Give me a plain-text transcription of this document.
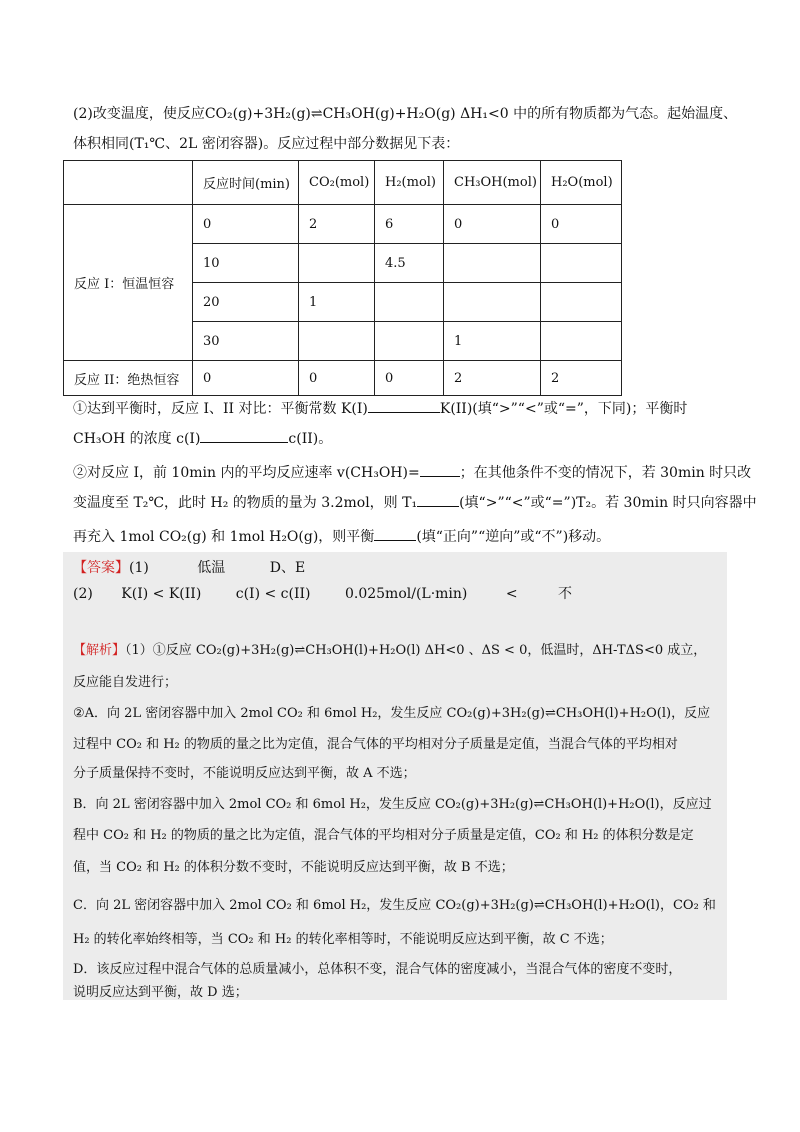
(2)改变温度，使反应CO₂(g)+3H₂(g)⇌CH₃OH(g)+H₂O(g) ΔH₁<0 中的所有物质都为气态。起始温度、
体积相同(T₁℃、2L 密闭容器)。反应过程中部分数据见下表：
	反应时间(min)	CO₂(mol)	H₂(mol)	CH₃OH(mol)	H₂O(mol)
反应 I：恒温恒容	0	2	6	0	0
	10		4.5		
	20	1			
	30			1	
反应 II：绝热恒容	0	0	0	2	2
①达到平衡时，反应 I、II 对比：平衡常数 K(I)	K(II)(填“>”“<”或“=”，下同)；平衡时
CH₃OH 的浓度 c(I)	c(II)。
②对反应 I，前 10min 内的平均反应速率 v(CH₃OH)=	；在其他条件不变的情况下，若 30min 时只改
变温度至 T₂℃，此时 H₂ 的物质的量为 3.2mol，则 T₁	(填“>”“<”或“=”)T₂。若 30min 时只向容器中
再充入 1mol CO₂(g) 和 1mol H₂O(g)，则平衡	(填“正向”“逆向”或“不”)移动。
【答案】(1)	低温	D、E
(2) K(I) < K(II) c(I) < c(II) 0.025mol/(L·min)	<	不
【解析】（1）①反应 CO₂(g)+3H₂(g)⇌CH₃OH(l)+H₂O(l) ΔH<0 、ΔS < 0，低温时，ΔH-TΔS<0 成立，
反应能自发进行；
②A．向 2L 密闭容器中加入 2mol CO₂ 和 6mol H₂，发生反应 CO₂(g)+3H₂(g)⇌CH₃OH(l)+H₂O(l)，反应
过程中 CO₂ 和 H₂ 的物质的量之比为定值，混合气体的平均相对分子质量是定值，当混合气体的平均相对
分子质量保持不变时，不能说明反应达到平衡，故 A 不选；
B．向 2L 密闭容器中加入 2mol CO₂ 和 6mol H₂，发生反应 CO₂(g)+3H₂(g)⇌CH₃OH(l)+H₂O(l)，反应过
程中 CO₂ 和 H₂ 的物质的量之比为定值，混合气体的平均相对分子质量是定值，CO₂ 和 H₂ 的体积分数是定
值，当 CO₂ 和 H₂ 的体积分数不变时，不能说明反应达到平衡，故 B 不选；
C．向 2L 密闭容器中加入 2mol CO₂ 和 6mol H₂，发生反应 CO₂(g)+3H₂(g)⇌CH₃OH(l)+H₂O(l)，CO₂ 和
H₂ 的转化率始终相等，当 CO₂ 和 H₂ 的转化率相等时，不能说明反应达到平衡，故 C 不选；
D．该反应过程中混合气体的总质量减小，总体积不变，混合气体的密度减小，当混合气体的密度不变时，
说明反应达到平衡，故 D 选；
